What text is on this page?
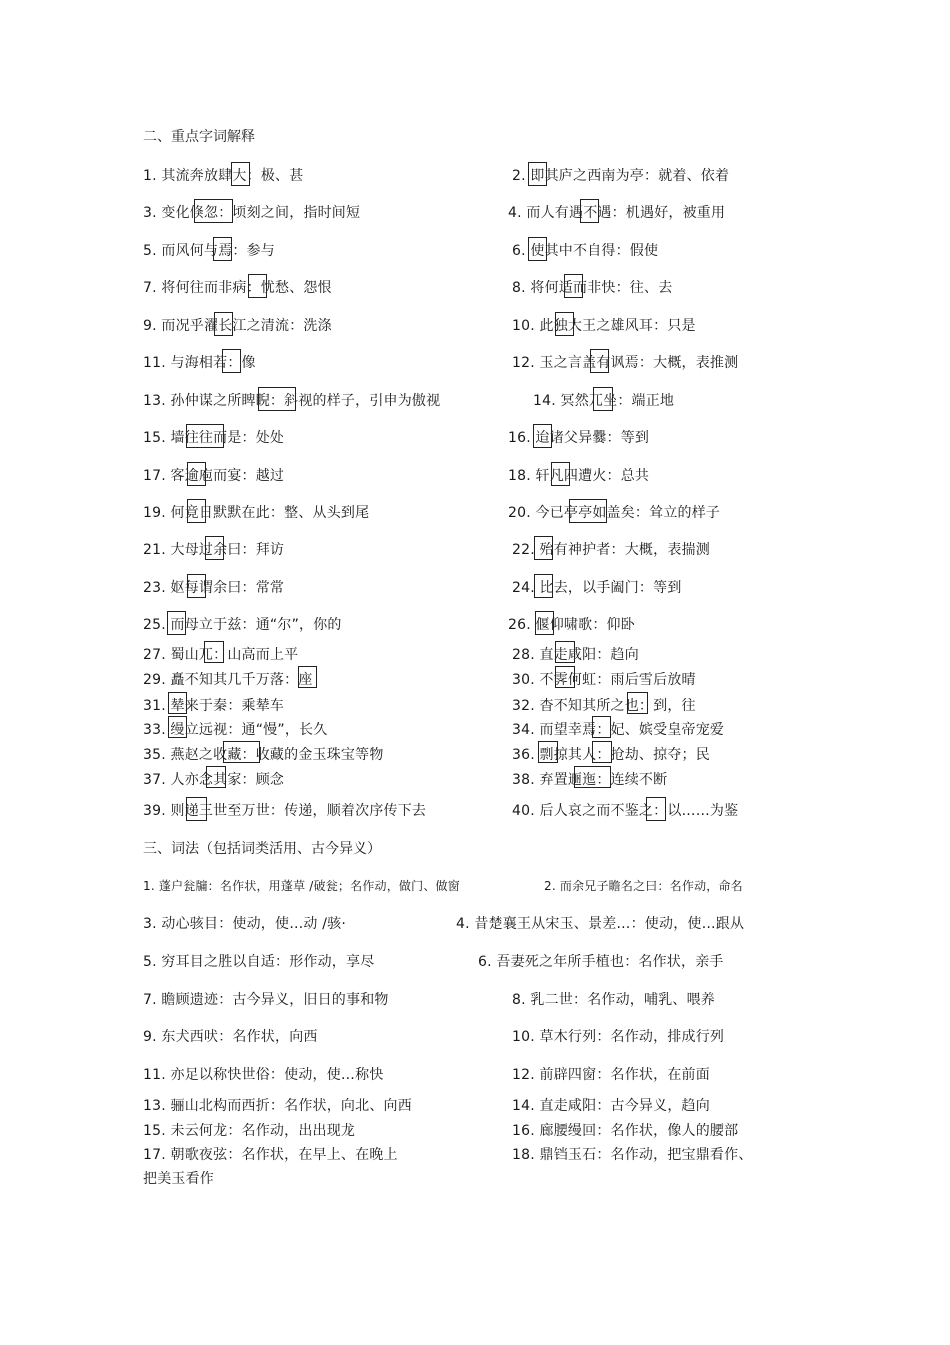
二、重点字词解释
1. 其流奔放肆大：极、甚	2. 即其庐之西南为亭：就着、依着
3. 变化倏忽：顷刻之间，指时间短	4. 而人有遇不遇：机遇好，被重用
5. 而风何与焉：参与	6. 使其中不自得：假使
7. 将何往而非病：忧愁、怨恨	8. 将何适而非快：往、去
9. 而况乎濯长江之清流：洗涤	10. 此独大王之雄风耳：只是
11. 与海相若：像	12. 玉之言盖有讽焉：大概，表推测
13. 孙仲谋之所睥睨：斜视的样子，引申为傲视	14. 冥然兀坐：端正地
15. 墙往往而是：处处	16. 迨诸父异爨：等到
17. 客逾庖而宴：越过	18. 轩凡四遭火：总共
19. 何竟日默默在此：整、从头到尾	20. 今已亭亭如盖矣：耸立的样子
21. 大母过余曰：拜访	22. 殆有神护者：大概，表揣测
23. 妪每谓余曰：常常	24. 比去，以手阖门：等到
25. 而母立于兹：通“尔”，你的	26. 偃仰啸歌：仰卧
27. 蜀山兀：山高而上平	28. 直走咸阳：趋向
29. 矗不知其几千万落：座	30. 不霁何虹：雨后雪后放晴
31. 辇来于秦：乘辇车	32. 杳不知其所之也：到，往
33. 缦立远视：通“慢”，长久	34. 而望幸焉：妃、嫔受皇帝宠爱
35. 燕赵之收藏：收藏的金玉珠宝等物	36. 剽掠其人：抢劫、掠夺；民
37. 人亦念其家：顾念	38. 弃置逦迤：连续不断
39. 则递三世至万世：传递，顺着次序传下去	40. 后人哀之而不鉴之：以……为鉴
三、词法（包括词类活用、古今异义）
1. 蓬户瓮牖：名作状，用蓬草 /破瓮；名作动，做门、做窗	2. 而余兄子瞻名之曰：名作动，命名
3. 动心骇目：使动，使…动 /骇·	4. 昔楚襄王从宋玉、景差…：使动，使…跟从
5. 穷耳目之胜以自适：形作动，享尽	6. 吾妻死之年所手植也：名作状，亲手
7. 瞻顾遗迹：古今异义，旧日的事和物	8. 乳二世：名作动，哺乳、喂养
9. 东犬西吠：名作状，向西	10. 草木行列：名作动，排成行列
11. 亦足以称快世俗：使动，使…称快	12. 前辟四窗：名作状，在前面
13. 骊山北构而西折：名作状，向北、向西	14. 直走咸阳：古今异义，趋向
15. 未云何龙：名作动，出出现龙	16. 廊腰缦回：名作状，像人的腰部
17. 朝歌夜弦：名作状，在早上、在晚上	18. 鼎铛玉石：名作动，把宝鼎看作、
把美玉看作
